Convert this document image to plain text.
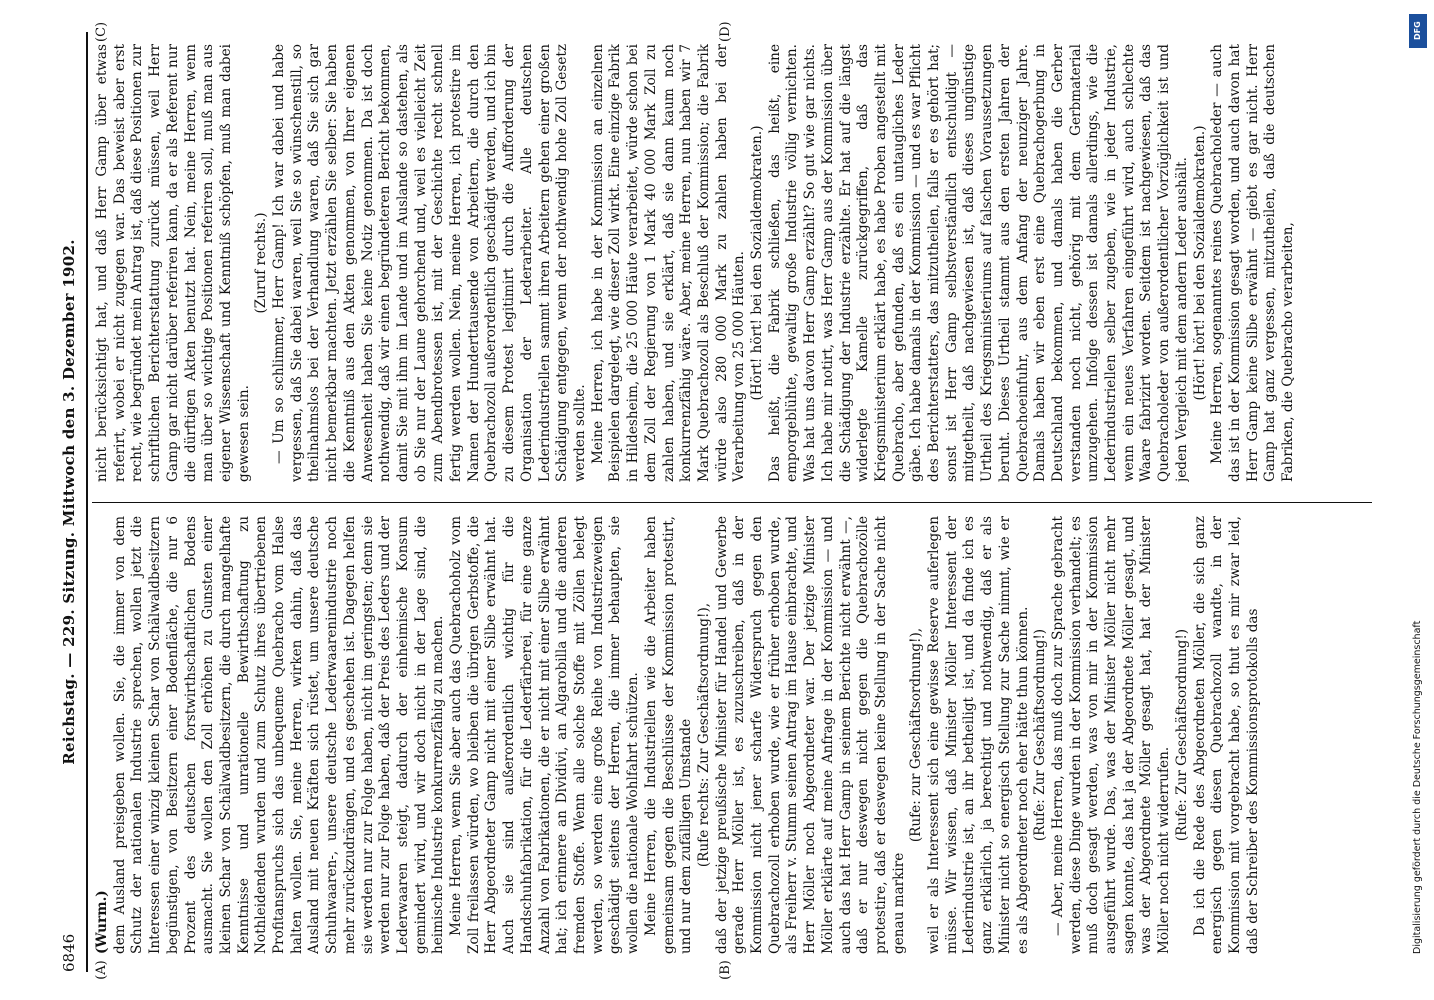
6846
Reichstag. — 229. Sitzung. Mittwoch den 3. Dezember 1902.
(A)	(B)
(C)	(D)

(Wurm.) dem Ausland preisgeben wollen. Sie, die immer von dem Schutz der nationalen Industrie sprechen, wollen jetzt die Interessen einer winzig kleinen Schar von Schälwaldbesitzern begünstigen, von Besitzern einer Bodenfläche, die nur 6 Prozent des deutschen forstwirthschaftlichen Bodens ausmacht. Sie wollen den Zoll erhöhen zu Gunsten einer kleinen Schar von Schälwaldbesitzern, die durch mangelhafte Kenntnisse und unrationelle Bewirthschaftung zu Nothleidenden wurden und zum Schutz ihres übertriebenen Profitanspruchs sich das unbequeme Quebracho vom Halse halten wollen. Sie, meine Herren, wirken dahin, daß das Ausland mit neuen Kräften sich rüstet, um unsere deutsche Schuhwaaren-, unsere deutsche Lederwaarenindustrie noch mehr zurückzudrängen, und es geschehen ist. Dagegen helfen sie werden nur zur Folge haben, nicht im geringsten; denn sie werden nur zur Folge haben, daß der Preis des Leders und der Lederwaaren steigt, dadurch der einheimische Konsum gemindert wird, und wir doch nicht in der Lage sind, die heimische Industrie konkurrenzfähig zu machen. Meine Herren, wenn Sie aber auch das Quebrachoholz vom Zoll freilassen würden, wo bleiben die übrigen Gerbstoffe, die Herr Abgeordneter Gamp nicht mit einer Silbe erwähnt hat. Auch sie sind außerordentlich wichtig für die Handschuhfabrikation, für die Lederfärberei, für eine ganze Anzahl von Fabrikationen, die er nicht mit einer Silbe erwähnt hat; ich erinnere an Dividivi, an Algarobilla und die anderen fremden Stoffe. Wenn alle solche Stoffe mit Zöllen belegt werden, so werden eine große Reihe von Industriezweigen geschädigt seitens der Herren, die immer behaupten, sie wollen die nationale Wohlfahrt schützen. Meine Herren, die Industriellen wie die Arbeiter haben gemeinsam gegen die Beschlüsse der Kommission protestirt, und nur dem zufälligen Umstande (Rufe rechts: Zur Geschäftsordnung!), daß der jetzige preußische Minister für Handel und Gewerbe gerade Herr Möller ist, es zuzuschreiben, daß in der Kommission nicht jener scharfe Widerspruch gegen den Quebrachozoll erhoben wurde, wie er früher erhoben wurde, als Freiherr v. Stumm seinen Antrag im Hause einbrachte, und Herr Möller noch Abgeordneter war. Der jetzige Minister Möller erklärte auf meine Anfrage in der Kommission — und auch das hat Herr Gamp in seinem Berichte nicht erwähnt —, daß er nur deswegen nicht gegen die Quebrachozölle protestire, daß er deswegen keine Stellung in der Sache nicht genau markire

(Rufe: zur Geschäftsordnung!), weil er als Interessent sich eine gewisse Reserve auferlegen müsse. Wir wissen, daß Minister Möller Interessent der Lederindustrie ist, an ihr betheiligt ist, und da finde ich es ganz erklärlich, ja berechtigt und nothwendig, daß er als Minister nicht so energisch Stellung zur Sache nimmt, wie er es als Abgeordneter noch eher hätte thun können. (Rufe: Zur Geschäftsordnung!) — Aber, meine Herren, das muß doch zur Sprache gebracht werden, diese Dinge wurden in der Kommission verhandelt; es muß doch gesagt werden, was von mir in der Kommission ausgeführt wurde. Das, was der Minister Möller nicht mehr sagen konnte, das hat ja der Abgeordnete Möller gesagt, und was der Abgeordnete Möller gesagt hat, hat der Minister Möller noch nicht widerrufen.

(Rufe: Zur Geschäftsordnung!) Da ich die Rede des Abgeordneten Möller, die sich ganz energisch gegen diesen Quebrachozoll wandte, in der Kommission mit vorgebracht habe, so thut es mir zwar leid, daß der Schreiber des Kommissionsprotokolls das

nicht berücksichtigt hat, und daß Herr Gamp über etwas referirt, wobei er nicht zugegen war. Das beweist aber erst recht, wie begründet mein Antrag ist, daß diese Positionen zur schriftlichen Berichterstattung zurück müssen, weil Herr Gamp gar nicht darüber referiren kann, da er als Referent nur die dürftigen Akten benutzt hat. Nein, meine Herren, wenn man über so wichtige Positionen referiren soll, muß man aus eigener Wissenschaft und Kenntniß schöpfen, muß man dabei gewesen sein.

(Zuruf rechts.) — Um so schlimmer, Herr Gamp! Ich war dabei und habe vergessen, daß Sie dabei waren, weil Sie so wünschenstill, so theilnahmslos bei der Verhandlung waren, daß Sie sich gar nicht bemerkbar machten. Jetzt erzählen Sie selber: Sie haben die Kenntniß aus den Akten genommen, von Ihrer eigenen Anwesenheit haben Sie keine Notiz genommen. Da ist doch nothwendig, daß wir einen begründeteren Bericht bekommen, damit Sie mit ihm im Lande und im Auslande so dastehen, als ob Sie nur der Laune gehorchend und, weil es vielleicht Zeit zum Abendbrotessen ist, mit der Geschichte recht schnell fertig werden wollen. Nein, meine Herren, ich protestire im Namen der Hunderttausende von Arbeitern, die durch den Quebrachozoll außerordentlich geschädigt werden, und ich bin zu diesem Protest legitimirt durch die Aufforderung der Organisation der Lederarbeiter. Alle deutschen Lederindustriellen sammt ihren Arbeitern gehen einer großen Schädigung entgegen, wenn der nothwendig hohe Zoll Gesetz werden sollte. Meine Herren, ich habe in der Kommission an einzelnen Beispielen dargelegt, wie dieser Zoll wirkt. Eine einzige Fabrik in Hildesheim, die 25 000 Häute verarbeitet, würde schon bei dem Zoll der Regierung von 1 Mark 40 000 Mark Zoll zu zahlen haben, und sie erklärt, daß sie dann kaum noch konkurrenzfähig wäre. Aber, meine Herren, nun haben wir 7 Mark Quebrachozoll als Beschluß der Kommission; die Fabrik würde also 280 000 Mark zu zahlen haben bei der Verarbeitung von 25 000 Häuten. (Hört! hört! bei den Sozialdemokraten.) Das heißt, die Fabrik schließen, das heißt, eine emporgeblühte, gewaltig große Industrie völlig vernichten. Was hat uns davon Herr Gamp erzählt? So gut wie gar nichts. Ich habe mir notirt, was Herr Gamp aus der Kommission über die Schädigung der Industrie erzählte. Er hat auf die längst widerlegte Kamelle zurückgegriffen, daß das Kriegsministerium erklärt habe, es habe Proben angestellt mit Quebracho, aber gefunden, daß es ein untaugliches Leder gäbe. Ich habe damals in der Kommission — und es war Pflicht des Berichterstatters, das mitzutheilen, falls er es gehört hat; sonst ist Herr Gamp selbstverständlich entschuldigt — mitgetheilt, daß nachgewiesen ist, daß dieses ungünstige Urtheil des Kriegsministeriums auf falschen Voraussetzungen beruht. Dieses Urtheil stammt aus den ersten Jahren der Quebrachoeinfuhr, aus dem Anfang der neunziger Jahre. Damals haben wir eben erst eine Quebrachogerbung in Deutschland bekommen, und damals haben die Gerber verstanden noch nicht, gehörig mit dem Gerbmaterial umzugehen. Infolge dessen ist damals allerdings, wie die Lederindustriellen selber zugeben, wie in jeder Industrie, wenn ein neues Verfahren eingeführt wird, auch schlechte Waare fabrizirt worden. Seitdem ist nachgewiesen, daß das Quebracholeder von außerordentlicher Vorzüglichkeit ist und jeden Vergleich mit dem andern Leder aushält. (Hört! hört! bei den Sozialdemokraten.) Meine Herren, sogenanntes reines Quebracholeder — auch das ist in der Kommission gesagt worden, und auch davon hat Herr Gamp keine Silbe erwähnt — giebt es gar nicht. Herr Gamp hat ganz vergessen, mitzutheilen, daß die deutschen Fabriken, die Quebracho verarbeiten,

DFG
Digitalisierung gefördert durch die Deutsche Forschungsgemeinschaft
